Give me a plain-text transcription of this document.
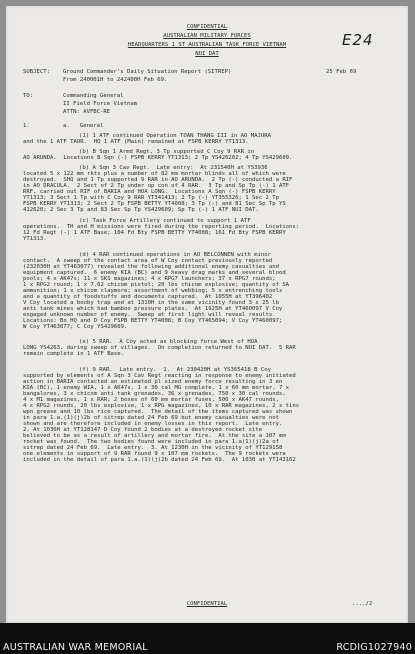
E24
CONFIDENTIAL
AUSTRALIAN MILITARY FORCES
HEADQUARTERS 1 ST AUSTRALIAN TASK FORCE VIETNAM
NUI DAT
25 Feb 69
SUBJECT: Ground Commander's Daily Situation Report (SITREP)
From 240001H to 242400H Feb 69.
TO:	Commanding General
II Field Force Vietnam
ATTN: AVFBC-RE
1.	a.   General
(1) 1 ATF continued Operation TOAN THANG III in AO MAJURA
and the 1 ATF TAOR.  HQ 1 ATF (Main) remained at FSPB KERRY YT1313.
(b) B Sqn 1 Armd Regt, 3 Tp supported C Coy 9 RAR in
AO ARUNDA.  Locations B Sqn (-) FSPB KERRY YT1313; 2 Tp YS426202; 4 Tp YS429609.
(b) A Sqn 3 Cav Regt.  Late entry:  At 231540H at YS3936
located 5 x 122 mm rkts plus a number of 82 mm mortar blinds all of which were
destroyed.  SHQ and 1 Tp supported 9 RAR in AO ARUNDA.  2 Tp (-) conducted a RIF
in AO DRACULA.  2 Sect of 2 Tp under op con of 4 RAR.  3 Tp and Sp Tp (-) 1 ATF
RRF, carried out RIF of BARIA and HOA LONG.  Locations A Sqn (-) FSPB KERRY
YT1313; 3 Sect 1 Tp with C Coy 9 RAR YT341413; 2 Tp (-) YT355326; 1 Sec 2 Tp
FSPB KERRY YT1313; 2 Sect 2 Tp FSPB BETTY YT4008; 3 Tp (-) and 81 Sec Sp Tp YS
412620; 2 Sec 3 Tp and 83 Sec Sp Tp YS429609; Sp Tp (-) 1 ATF NUI DAT.
(c) Task Force Artillery continued to support 1 ATF
operations.  TH and H missions were fired during the reporting period.  Locations:
12 Fd Regt (-) 1 ATF Base; 104 Fd Bty FSPB BETTY YT4008; 161 Fd Bty FSPB KERRY
YT1313.
(d) 4 RAR continued operations in AO BELCONNEN with minor
contact.  A sweep of the contact area of W Coy contact previously reported
(232030H at YT463077) revealed the following additional enemy casualties and
equipment captured.  6 enemy KIA (BC) and 9 heavy drag marks and several blood
pools; 4 x AK47s; 11 x SKS magazines; 4 x RPG7 launchers; 37 x RPG7 rounds;
1 x RPG2 round; 1 x 7.62 chicom pistol; 20 lbs chicom explosive; quantity of SA
ammunition; 1 x chicom claymore; assortment of webbing; 5 x entrenching tools
and a quantity of foodstuffs and documents captured.  At 1055H at YT396402
V Coy located a booby trap and at 1310H in the same vicinity found 3 x 25 lb
anti tank mines which had bamboo pressure plates.  At 1925H at YT460097 V Coy
engaged unknown number of enemy.  Sweep at first light will reveal results.
Locations: Bn HQ and D Coy FSPB BETTY YT4008; B Coy YT465094; V Coy YT460097;
W Coy YT463077; C Coy YS429609.
(e) 5 RAR.  A Coy acted as blocking force West of HOA
LONG YS4263, during sweep of villages.  On completion returned to NUI DAT.  5 RAR
remain complete in 1 ATF Base.
(f) 9 RAR.  Late entry.  1.  At 230420H at YS365418 B Coy
supported by elements of A Sqn 3 Cav Regt reacting in response to enemy initiated
action in BARIA contacted an estimated pl sized enemy force resulting in 3 en
KIA (BC), 1 enemy WIA, 1 x AK47s, 1 x 30 cal MG complete, 1 x 60 mm mortar, 7 x
bangalores, 3 x chicom anti tank grenades, 36 x grenades, 750 x 30 cal rounds,
4 x M1 magazines, 1 x RAR; 2 boxes of 60 mm mortar fuses, 500 x AK47 rounds,
4 x RPG2 rounds, 20 lbs explosive, 1 x RPG magazines, 10 x RAR magazines, 2 x tins
wpn grease and 10 lbs rice captured.  The detail of the items captured was shown
in para 1.a.(1)(j)2b of sitrep dated 24 Feb 69 but enemy casualties were not
shown and are therefore included in enemy losses in this report.  Late entry.
2. At 1030H at YT128147 D Coy found 2 bodies at a destroyed rocket site
believed to be as a result of artillery and mortar fire.  At the site a 107 mm
rocket was found.  The two bodies found were included in para 1.a(1)(j)2a of
sitrep dated 24 Feb 69.  Late entry.  3. At 1230H in the vicinity of YT129158
one elements in support of 9 RAR found 9 x 107 mm rockets.  The 9 rockets were
included in the detail of para 1.a.(1)(j)2b dated 24 Feb 69.  At 1030 at YT143162
CONFIDENTIAL	..../2
AUSTRALIAN WAR MEMORIAL	RCDIG1027940
